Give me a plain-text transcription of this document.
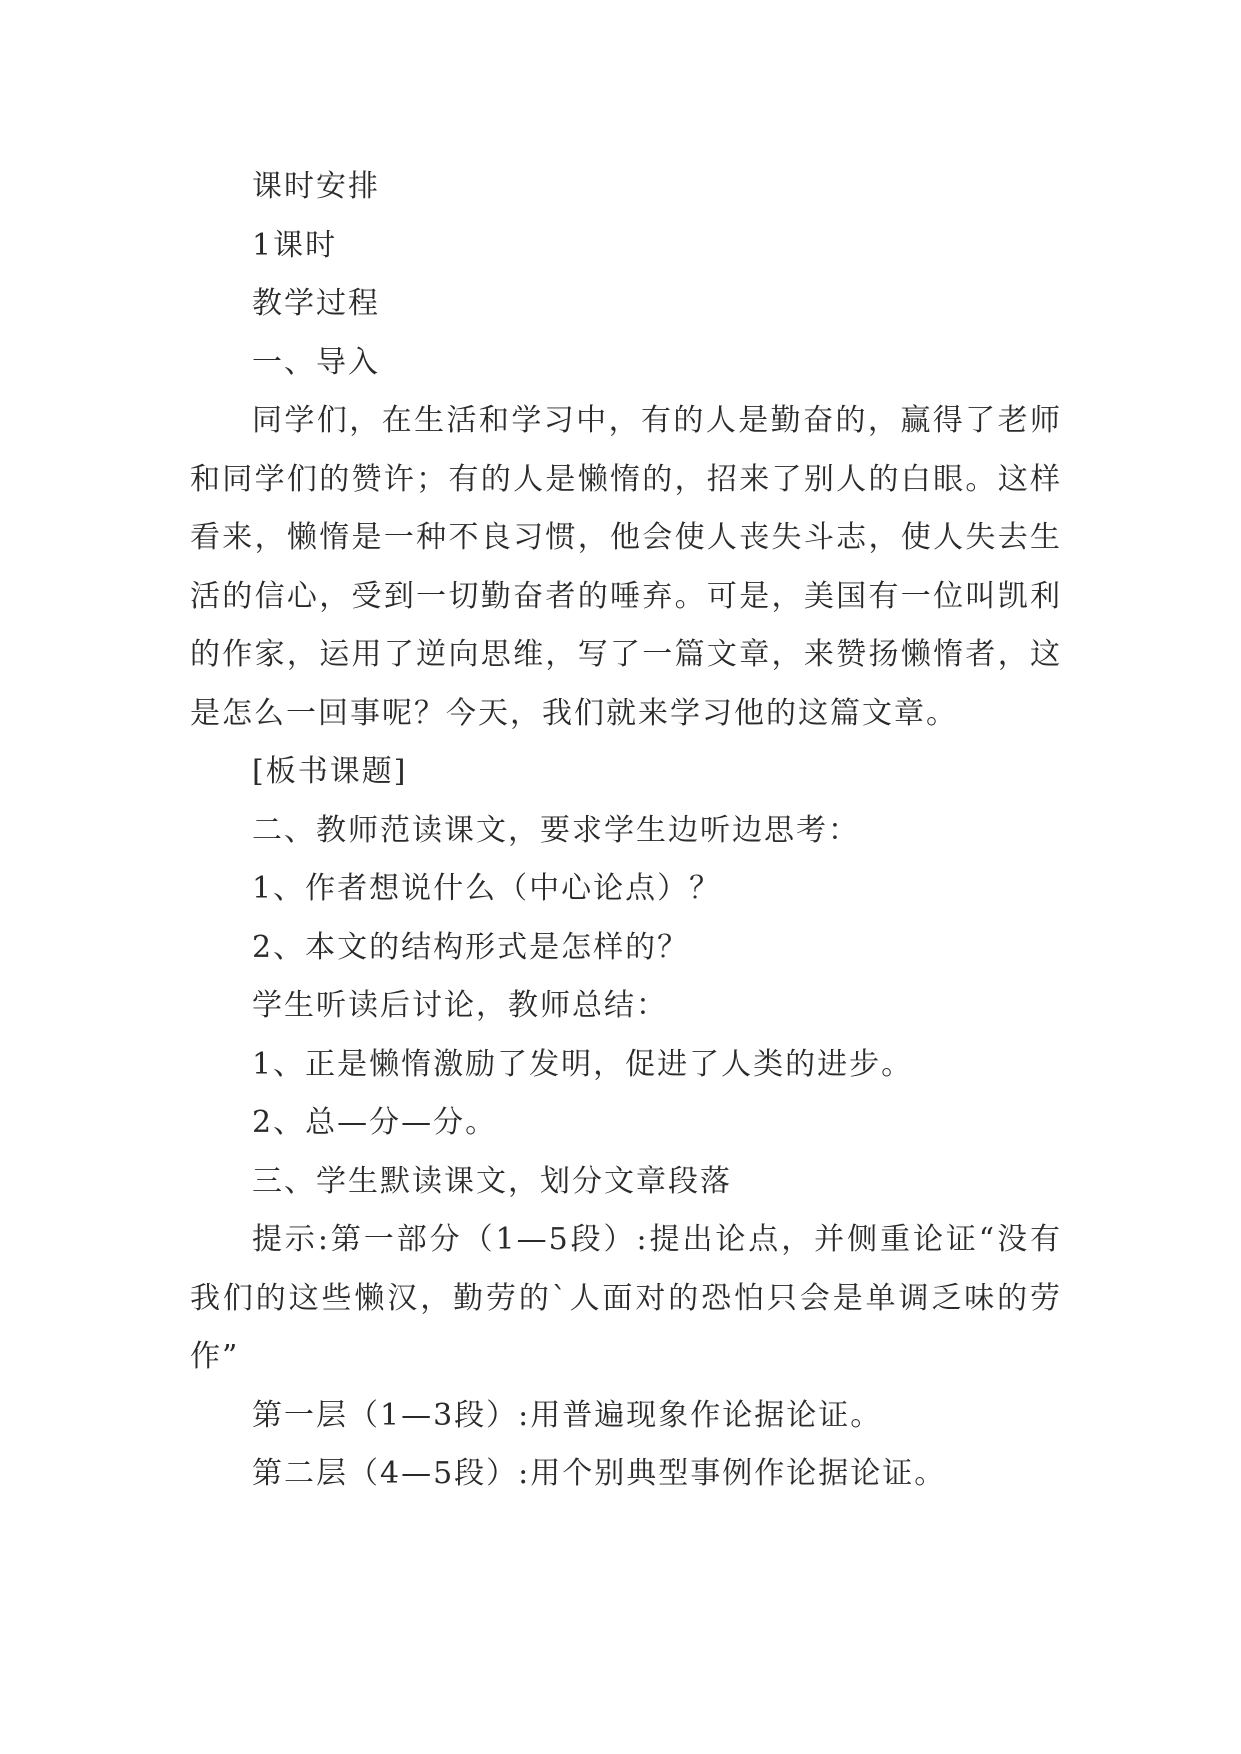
课时安排

1课时

教学过程

一、导入

同学们，在生活和学习中，有的人是勤奋的，赢得了老师和同学们的赞许；有的人是懒惰的，招来了别人的白眼。这样看来，懒惰是一种不良习惯，他会使人丧失斗志，使人失去生活的信心，受到一切勤奋者的唾弃。可是，美国有一位叫凯利的作家，运用了逆向思维，写了一篇文章，来赞扬懒惰者，这是怎么一回事呢？今天，我们就来学习他的这篇文章。

[板书课题]

二、教师范读课文，要求学生边听边思考：

1、作者想说什么（中心论点）？

2、本文的结构形式是怎样的？

学生听读后讨论，教师总结：

1、正是懒惰激励了发明，促进了人类的进步。

2、总—分—分。

三、学生默读课文，划分文章段落

提示:第一部分（1—5段）:提出论点，并侧重论证“没有我们的这些懒汉，勤劳的`人面对的恐怕只会是单调乏味的劳作”

第一层（1—3段）:用普遍现象作论据论证。

第二层（4—5段）:用个别典型事例作论据论证。
